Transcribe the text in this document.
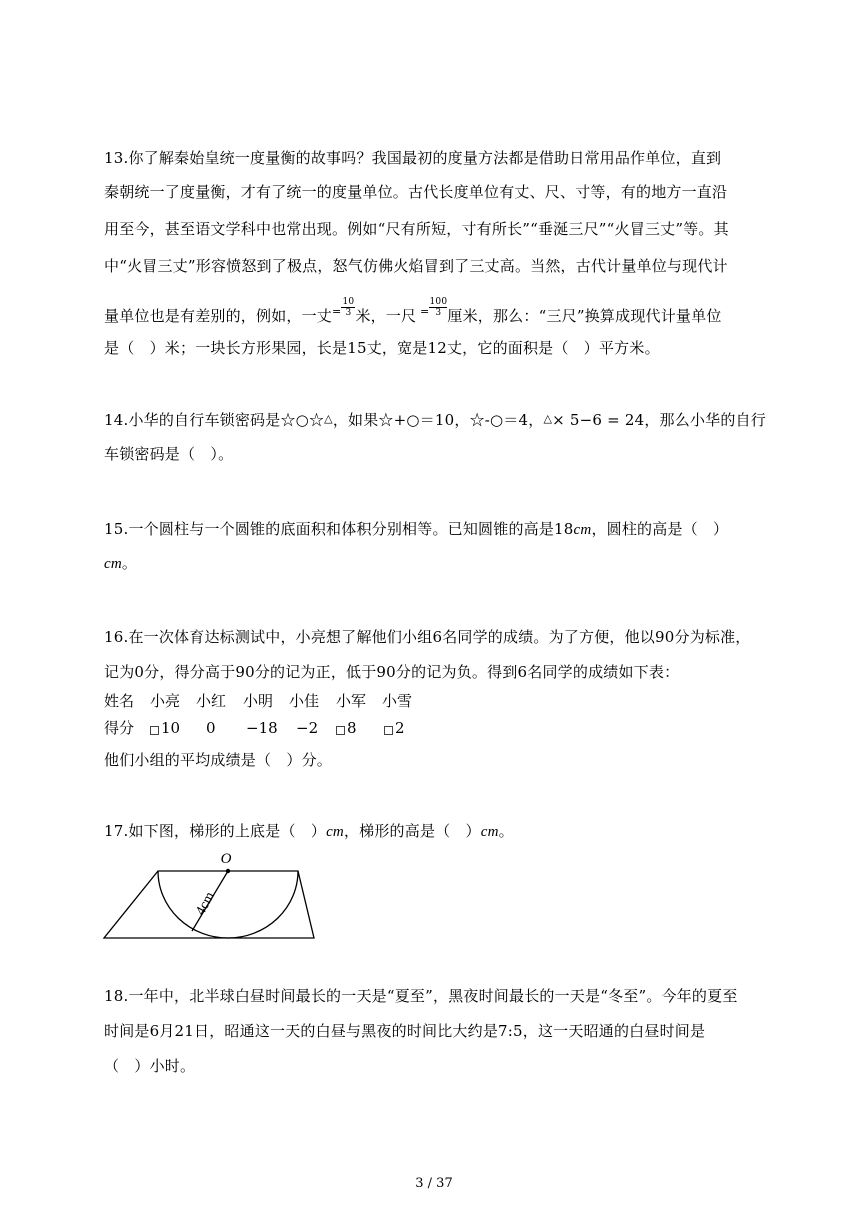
13.你了解秦始皇统一度量衡的故事吗？我国最初的度量方法都是借助日常用品作单位，直到
秦朝统一了度量衡，才有了统一的度量单位。古代长度单位有丈、尺、寸等，有的地方一直沿
用至今，甚至语文学科中也常出现。例如“尺有所短，寸有所长”“垂涎三尺”“火冒三丈”等。其
中“火冒三丈”形容愤怒到了极点，怒气仿佛火焰冒到了三丈高。当然，古代计量单位与现代计
量单位也是有差别的，例如，一丈$^= \frac{10}{3}$ 米，一尺 $^= \frac{100}{3}$ 厘米，那么：“三尺”换算成现代计量单位
是（　）米；一块长方形果园，长是15丈，宽是12丈，它的面积是（　）平方米。
14.小华的自行车锁密码是☆○☆△，如果☆+○＝10，☆-○＝4，△× 5−6 = 24，那么小华的自行
车锁密码是（　）。
15.一个圆柱与一个圆锥的底面积和体积分别相等。已知圆锥的高是18cm，圆柱的高是（　）
cm。
16.在一次体育达标测试中，小亮想了解他们小组6名同学的成绩。为了方便，他以90分为标准，
记为0分，得分高于90分的记为正，低于90分的记为负。得到6名同学的成绩如下表：
姓名 小亮 小红 小明 小佳 小军 小雪
得分	10 0 −18 −2	8	2
他们小组的平均成绩是（　）分。
17.如下图，梯形的上底是（　）cm，梯形的高是（　）cm。
O
4cm
18.一年中，北半球白昼时间最长的一天是“夏至”，黑夜时间最长的一天是“冬至”。今年的夏至
时间是6月21日，昭通这一天的白昼与黑夜的时间比大约是7:5，这一天昭通的白昼时间是
（　）小时。
3 / 37
